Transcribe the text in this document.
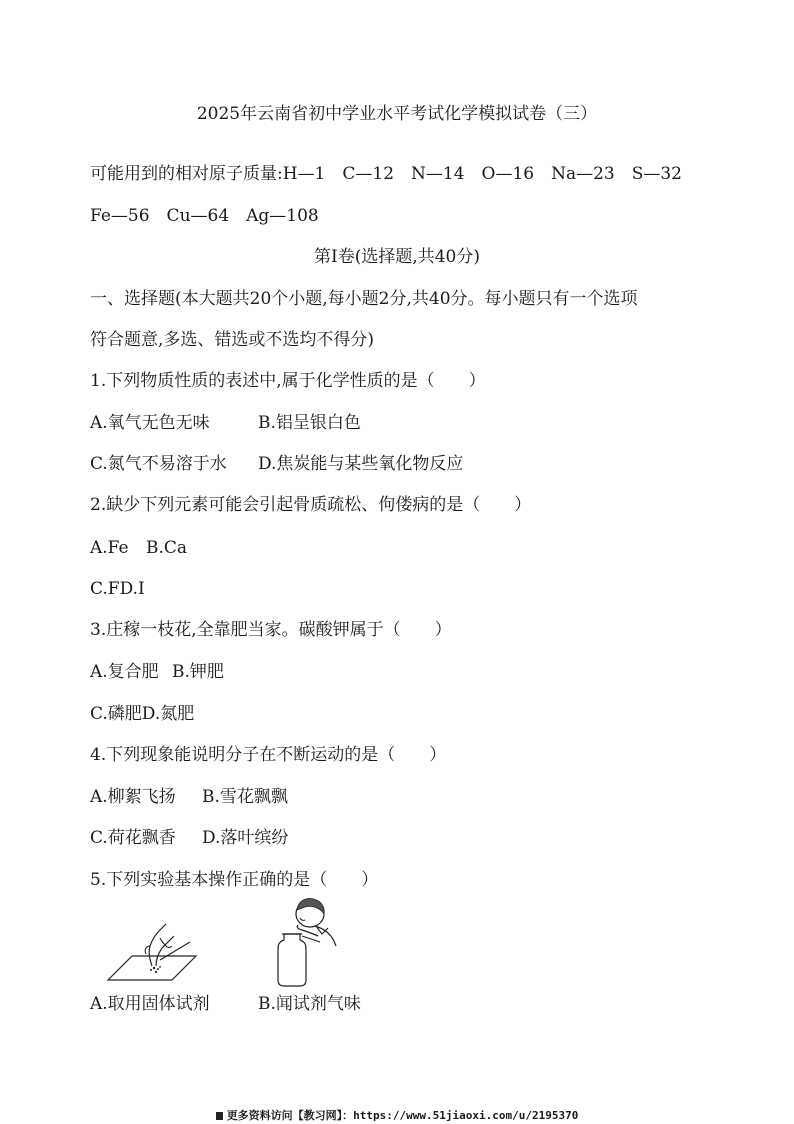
2025年云南省初中学业水平考试化学模拟试卷（三）
可能用到的相对原子质量:H—1　C—12　N—14　O—16　Na—23　S—32
Fe—56　Cu—64　Ag—108
第Ⅰ卷(选择题,共40分)
一、选择题(本大题共20个小题,每小题2分,共40分。每小题只有一个选项
符合题意,多选、错选或不选均不得分)
1.下列物质性质的表述中,属于化学性质的是（　　）
A.氧气无色无味	B.铝呈银白色
C.氮气不易溶于水 D.焦炭能与某些氧化物反应
2.缺少下列元素可能会引起骨质疏松、佝偻病的是（　　）
A.Fe B.Ca
C.FD.I
3.庄稼一枝花,全靠肥当家。碳酸钾属于（　　）
A.复合肥 B.钾肥
C.磷肥D.氮肥
4.下列现象能说明分子在不断运动的是（　　）
A.柳絮飞扬 B.雪花飘飘
C.荷花飘香 D.落叶缤纷
5.下列实验基本操作正确的是（　　）
A.取用固体试剂	B.闻试剂气味
更多资料访问【教习网】：https://www.51jiaoxi.com/u/2195370
